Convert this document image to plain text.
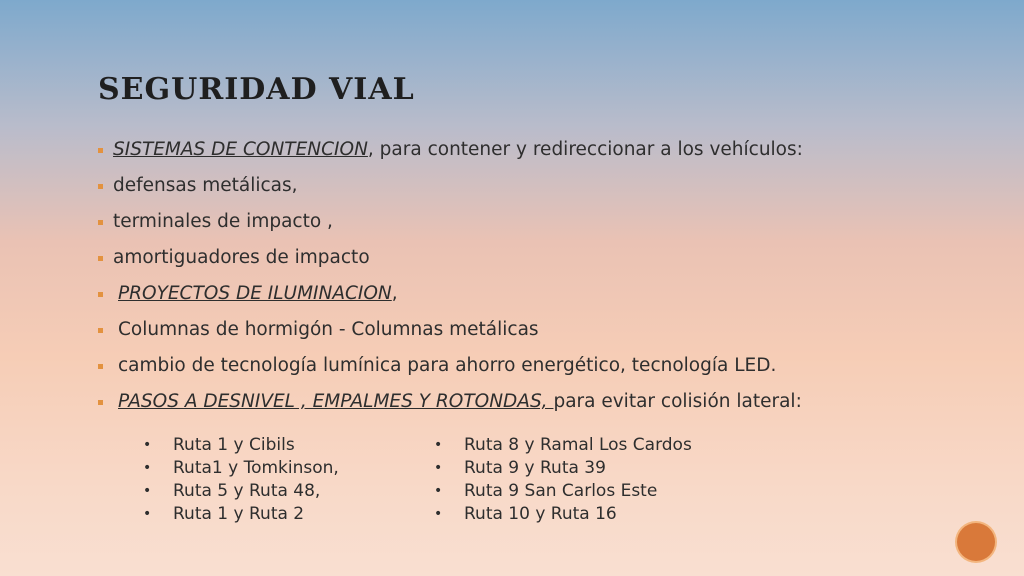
SEGURIDAD VIAL
SISTEMAS DE CONTENCION, para contener y redireccionar a los vehículos:
defensas metálicas,
terminales de impacto ,
amortiguadores de impacto
PROYECTOS DE ILUMINACION,
Columnas de hormigón - Columnas metálicas
cambio de tecnología lumínica para ahorro energético, tecnología LED.
PASOS A DESNIVEL , EMPALMES Y ROTONDAS, para evitar colisión lateral:
•	Ruta 1 y Cibils
•	Ruta1 y Tomkinson,
•	Ruta 5 y Ruta 48,
•	Ruta 1 y Ruta 2
•	Ruta 8 y Ramal Los Cardos
•	Ruta 9 y Ruta 39
•	Ruta 9 San Carlos Este
•	Ruta 10 y Ruta 16
